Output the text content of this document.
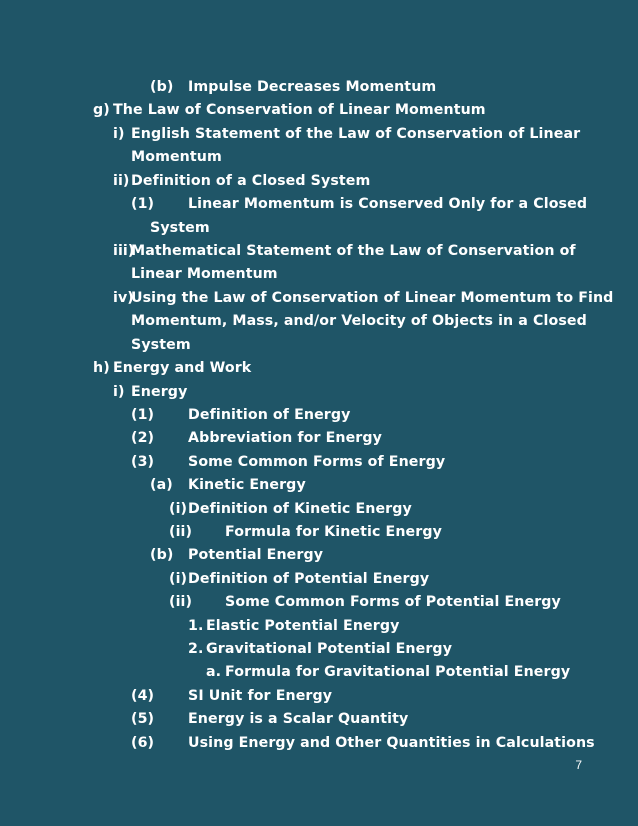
(b) Impulse Decreases Momentum
g) The Law of Conservation of Linear Momentum
i) English Statement of the Law of Conservation of Linear
Momentum
ii) Definition of a Closed System
(1) Linear Momentum is Conserved Only for a Closed
System
iii)
Mathematical Statement of the Law of Conservation of
Linear Momentum
iv)
Using the Law of Conservation of Linear Momentum to Find
Momentum, Mass, and/or Velocity of Objects in a Closed
System
h) Energy and Work
i) Energy
(1) Definition of Energy
(2) Abbreviation for Energy
(3) Some Common Forms of Energy
(a) Kinetic Energy
(i) Definition of Kinetic Energy
(ii) Formula for Kinetic Energy
(b) Potential Energy
(i) Definition of Potential Energy
(ii) Some Common Forms of Potential Energy
1. Elastic Potential Energy
2. Gravitational Potential Energy
a. Formula for Gravitational Potential Energy
(4) SI Unit for Energy
(5) Energy is a Scalar Quantity
(6) Using Energy and Other Quantities in Calculations
7
